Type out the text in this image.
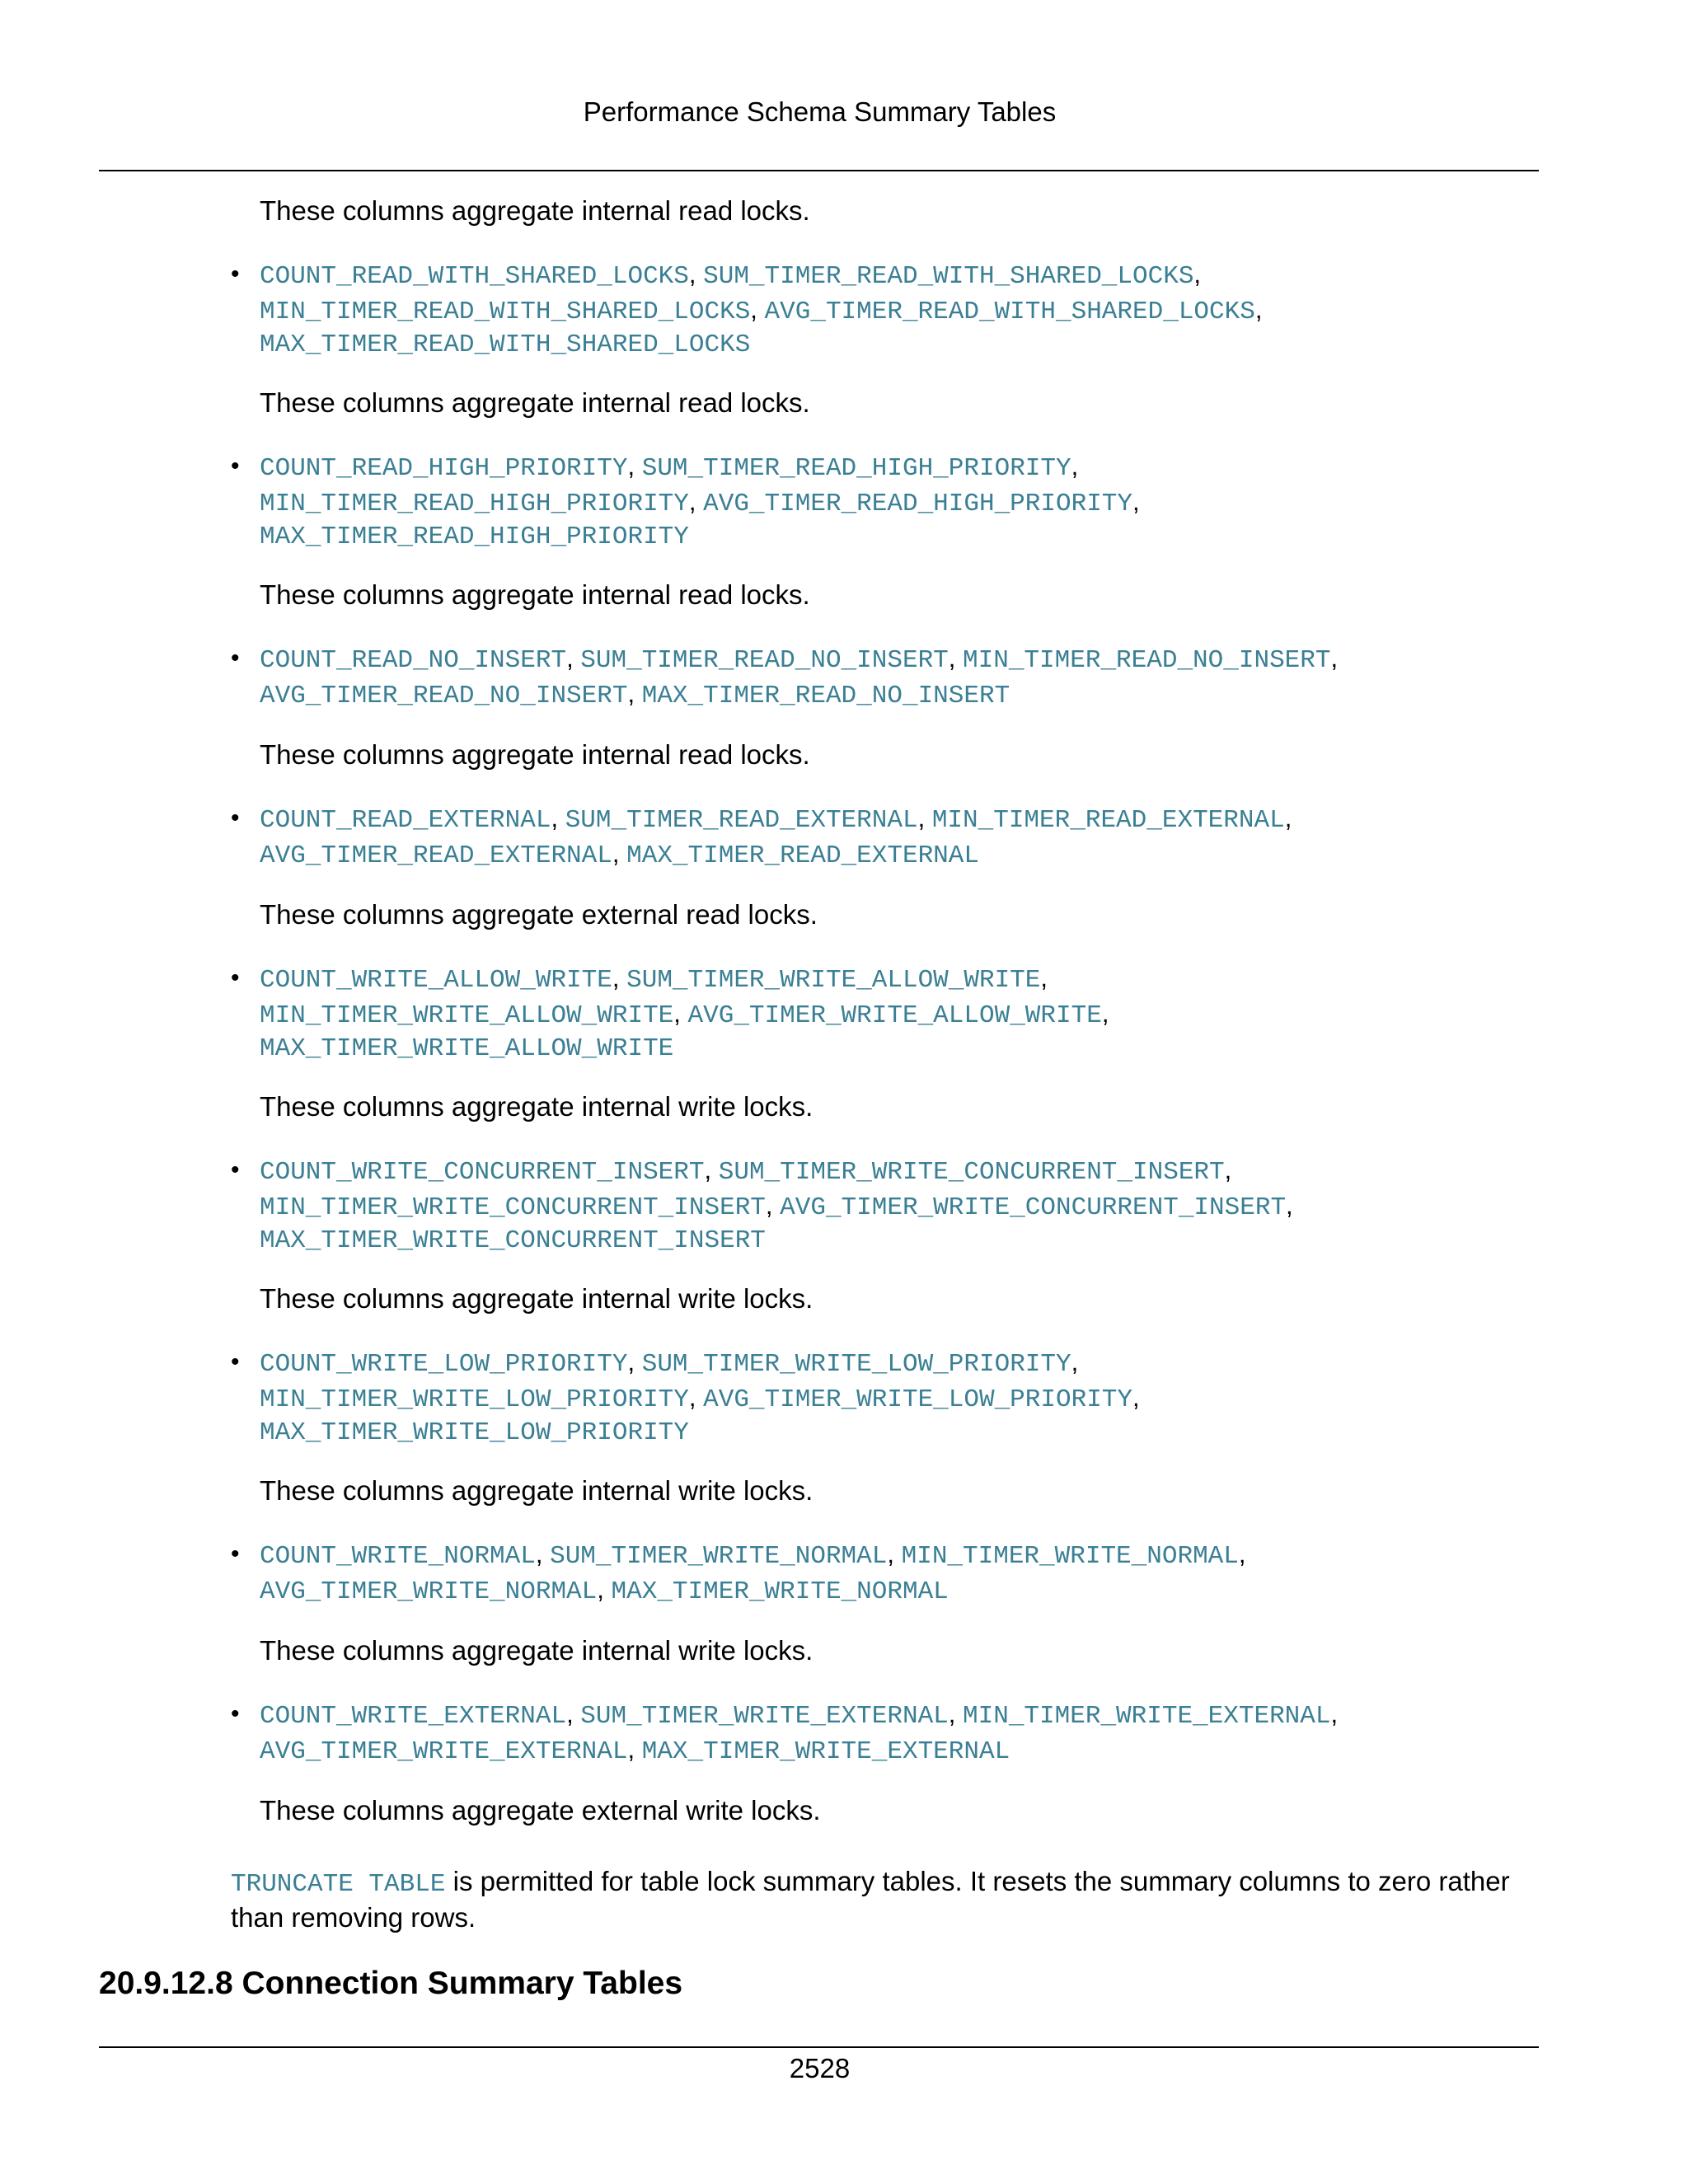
Performance Schema Summary Tables
These columns aggregate internal read locks.
• COUNT_READ_WITH_SHARED_LOCKS, SUM_TIMER_READ_WITH_SHARED_LOCKS,
MIN_TIMER_READ_WITH_SHARED_LOCKS, AVG_TIMER_READ_WITH_SHARED_LOCKS,
MAX_TIMER_READ_WITH_SHARED_LOCKS
These columns aggregate internal read locks.
• COUNT_READ_HIGH_PRIORITY, SUM_TIMER_READ_HIGH_PRIORITY,
MIN_TIMER_READ_HIGH_PRIORITY, AVG_TIMER_READ_HIGH_PRIORITY,
MAX_TIMER_READ_HIGH_PRIORITY
These columns aggregate internal read locks.
• COUNT_READ_NO_INSERT, SUM_TIMER_READ_NO_INSERT, MIN_TIMER_READ_NO_INSERT,
AVG_TIMER_READ_NO_INSERT, MAX_TIMER_READ_NO_INSERT
These columns aggregate internal read locks.
• COUNT_READ_EXTERNAL, SUM_TIMER_READ_EXTERNAL, MIN_TIMER_READ_EXTERNAL,
AVG_TIMER_READ_EXTERNAL, MAX_TIMER_READ_EXTERNAL
These columns aggregate external read locks.
• COUNT_WRITE_ALLOW_WRITE, SUM_TIMER_WRITE_ALLOW_WRITE,
MIN_TIMER_WRITE_ALLOW_WRITE, AVG_TIMER_WRITE_ALLOW_WRITE,
MAX_TIMER_WRITE_ALLOW_WRITE
These columns aggregate internal write locks.
• COUNT_WRITE_CONCURRENT_INSERT, SUM_TIMER_WRITE_CONCURRENT_INSERT,
MIN_TIMER_WRITE_CONCURRENT_INSERT, AVG_TIMER_WRITE_CONCURRENT_INSERT,
MAX_TIMER_WRITE_CONCURRENT_INSERT
These columns aggregate internal write locks.
• COUNT_WRITE_LOW_PRIORITY, SUM_TIMER_WRITE_LOW_PRIORITY,
MIN_TIMER_WRITE_LOW_PRIORITY, AVG_TIMER_WRITE_LOW_PRIORITY,
MAX_TIMER_WRITE_LOW_PRIORITY
These columns aggregate internal write locks.
• COUNT_WRITE_NORMAL, SUM_TIMER_WRITE_NORMAL, MIN_TIMER_WRITE_NORMAL,
AVG_TIMER_WRITE_NORMAL, MAX_TIMER_WRITE_NORMAL
These columns aggregate internal write locks.
• COUNT_WRITE_EXTERNAL, SUM_TIMER_WRITE_EXTERNAL, MIN_TIMER_WRITE_EXTERNAL,
AVG_TIMER_WRITE_EXTERNAL, MAX_TIMER_WRITE_EXTERNAL
These columns aggregate external write locks.

TRUNCATE TABLE is permitted for table lock summary tables. It resets the summary columns to zero rather than removing rows.

20.9.12.8 Connection Summary Tables
2528
